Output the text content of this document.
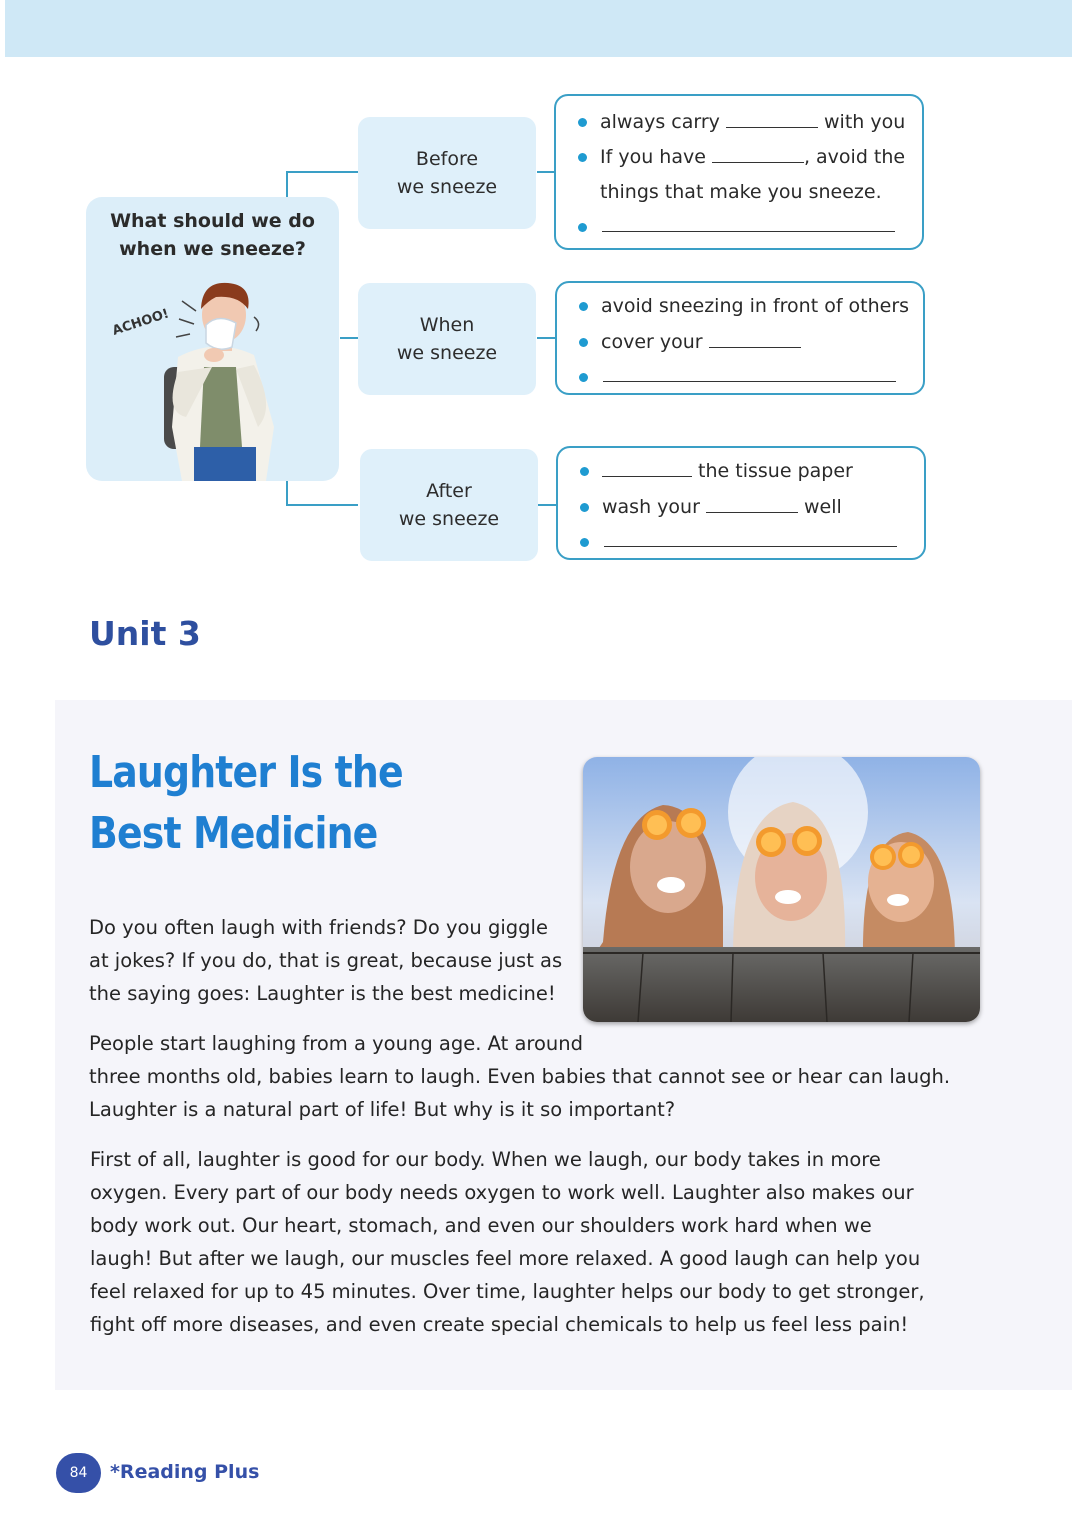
What should we do
when we sneeze?
ACHOO!
Before
we sneeze
When
we sneeze
After
we sneeze
always carry	with you
If you have	, avoid the
things that make you sneeze.
avoid sneezing in front of others
cover your
the tissue paper
wash your	well
Unit 3
Laughter Is the
Best Medicine
Do you often laugh with friends? Do you giggle
at jokes? If you do, that is great, because just as
the saying goes: Laughter is the best medicine!
People start laughing from a young age. At around
three months old, babies learn to laugh. Even babies that cannot see or hear can laugh.
Laughter is a natural part of life! But why is it so important?
First of all, laughter is good for our body. When we laugh, our body takes in more
oxygen. Every part of our body needs oxygen to work well. Laughter also makes our
body work out. Our heart, stomach, and even our shoulders work hard when we
laugh! But after we laugh, our muscles feel more relaxed. A good laugh can help you
feel relaxed for up to 45 minutes. Over time, laughter helps our body to get stronger,
fight off more diseases, and even create special chemicals to help us feel less pain!
84	*Reading Plus
